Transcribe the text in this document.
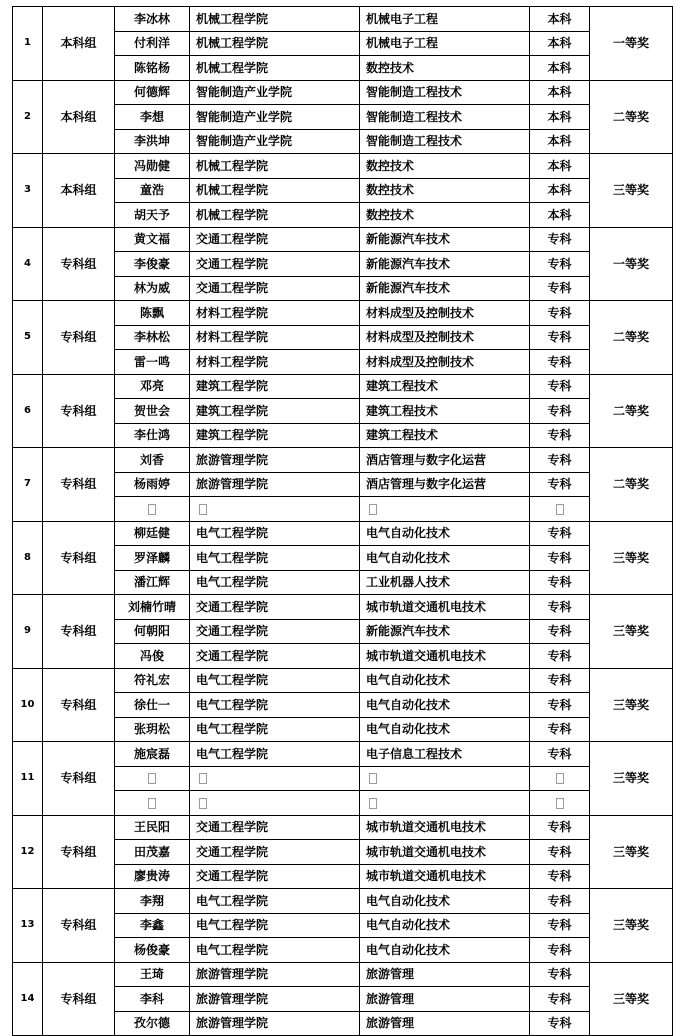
1	本科组	李冰林	机械工程学院	机械电子工程	本科	一等奖
		付利洋	机械工程学院	机械电子工程	本科	
		陈铭杨	机械工程学院	数控技术	本科	
2	本科组	何德辉	智能制造产业学院	智能制造工程技术	本科	二等奖
		李想	智能制造产业学院	智能制造工程技术	本科	
		李洪坤	智能制造产业学院	智能制造工程技术	本科	
3	本科组	冯勋健	机械工程学院	数控技术	本科	三等奖
		童浩	机械工程学院	数控技术	本科	
		胡天予	机械工程学院	数控技术	本科	
4	专科组	黄文福	交通工程学院	新能源汽车技术	专科	一等奖
		李俊豪	交通工程学院	新能源汽车技术	专科	
		林为威	交通工程学院	新能源汽车技术	专科	
5	专科组	陈飘	材料工程学院	材料成型及控制技术	专科	二等奖
		李林松	材料工程学院	材料成型及控制技术	专科	
		雷一鸣	材料工程学院	材料成型及控制技术	专科	
6	专科组	邓亮	建筑工程学院	建筑工程技术	专科	二等奖
		贺世会	建筑工程学院	建筑工程技术	专科	
		李仕鸿	建筑工程学院	建筑工程技术	专科	
7	专科组	刘香	旅游管理学院	酒店管理与数字化运营	专科	二等奖
		杨雨婷	旅游管理学院	酒店管理与数字化运营	专科	

8	专科组	柳廷健	电气工程学院	电气自动化技术	专科	三等奖
		罗泽麟	电气工程学院	电气自动化技术	专科	
		潘江辉	电气工程学院	工业机器人技术	专科	
9	专科组	刘楠竹晴	交通工程学院	城市轨道交通机电技术	专科	三等奖
		何朝阳	交通工程学院	新能源汽车技术	专科	
		冯俊	交通工程学院	城市轨道交通机电技术	专科	
10	专科组	符礼宏	电气工程学院	电气自动化技术	专科	三等奖
		徐仕一	电气工程学院	电气自动化技术	专科	
		张玥松	电气工程学院	电气自动化技术	专科	
11	专科组	施宸磊	电气工程学院	电子信息工程技术	专科	三等奖

12	专科组	王民阳	交通工程学院	城市轨道交通机电技术	专科	三等奖
		田茂嘉	交通工程学院	城市轨道交通机电技术	专科	
		廖贵涛	交通工程学院	城市轨道交通机电技术	专科	
13	专科组	李翔	电气工程学院	电气自动化技术	专科	三等奖
		李鑫	电气工程学院	电气自动化技术	专科	
		杨俊豪	电气工程学院	电气自动化技术	专科	
14	专科组	王琦	旅游管理学院	旅游管理	专科	三等奖
		李科	旅游管理学院	旅游管理	专科	
		孜尔德	旅游管理学院	旅游管理	专科	
